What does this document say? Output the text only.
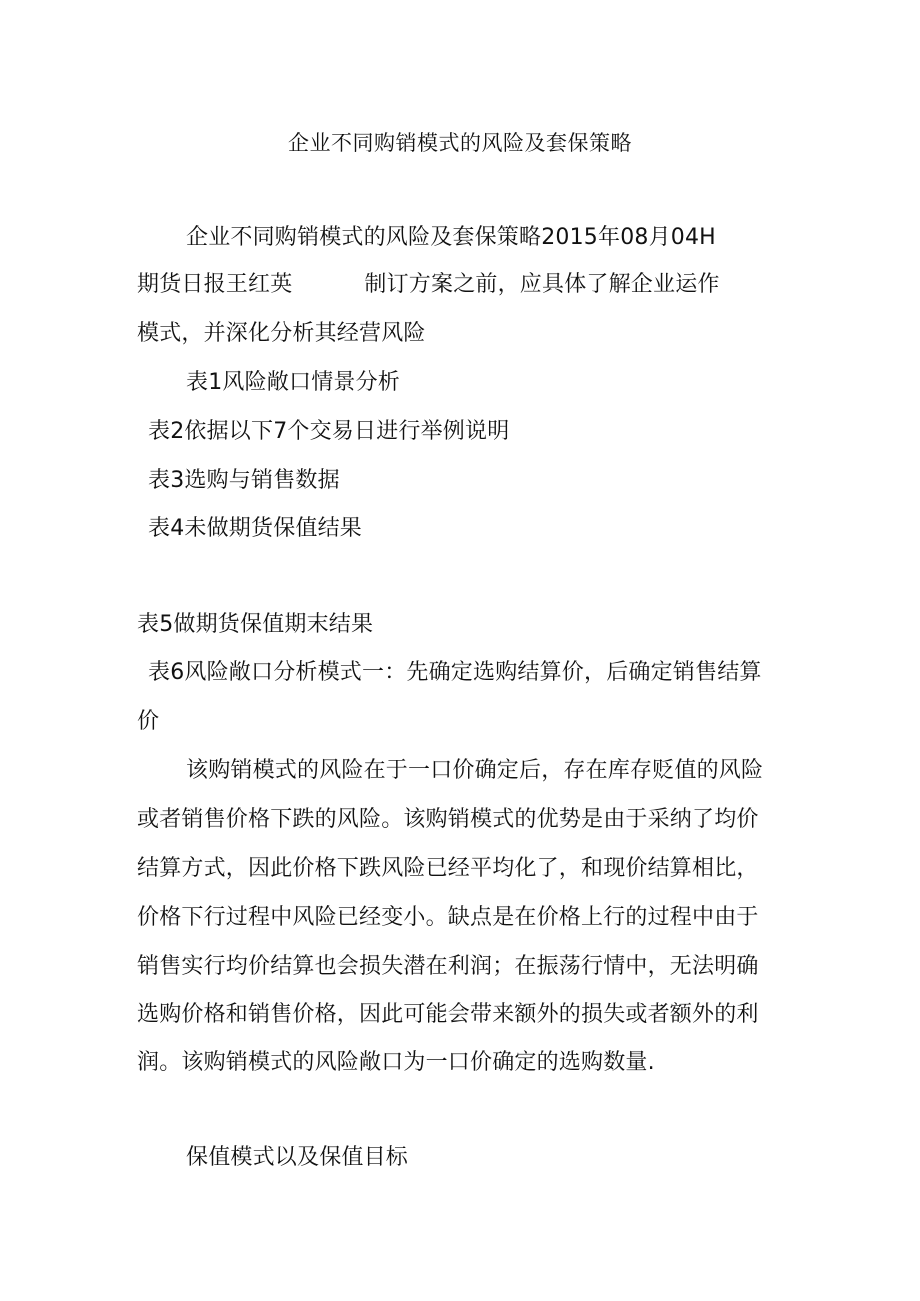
企业不同购销模式的风险及套保策略
企业不同购销模式的风险及套保策略2015年08月04H
期货日报王红英	制订方案之前，应具体了解企业运作
模式，并深化分析其经营风险
表1风险敞口情景分析
表2依据以下7个交易日进行举例说明
表3选购与销售数据
表4未做期货保值结果
表5做期货保值期末结果
表6风险敞口分析模式一：先确定选购结算价，后确定销售结算
价
该购销模式的风险在于一口价确定后，存在库存贬值的风险
或者销售价格下跌的风险。该购销模式的优势是由于采纳了均价
结算方式，因此价格下跌风险已经平均化了，和现价结算相比，
价格下行过程中风险已经变小。缺点是在价格上行的过程中由于
销售实行均价结算也会损失潜在利润；在振荡行情中，无法明确
选购价格和销售价格，因此可能会带来额外的损失或者额外的利
润。该购销模式的风险敞口为一口价确定的选购数量.
保值模式以及保值目标
